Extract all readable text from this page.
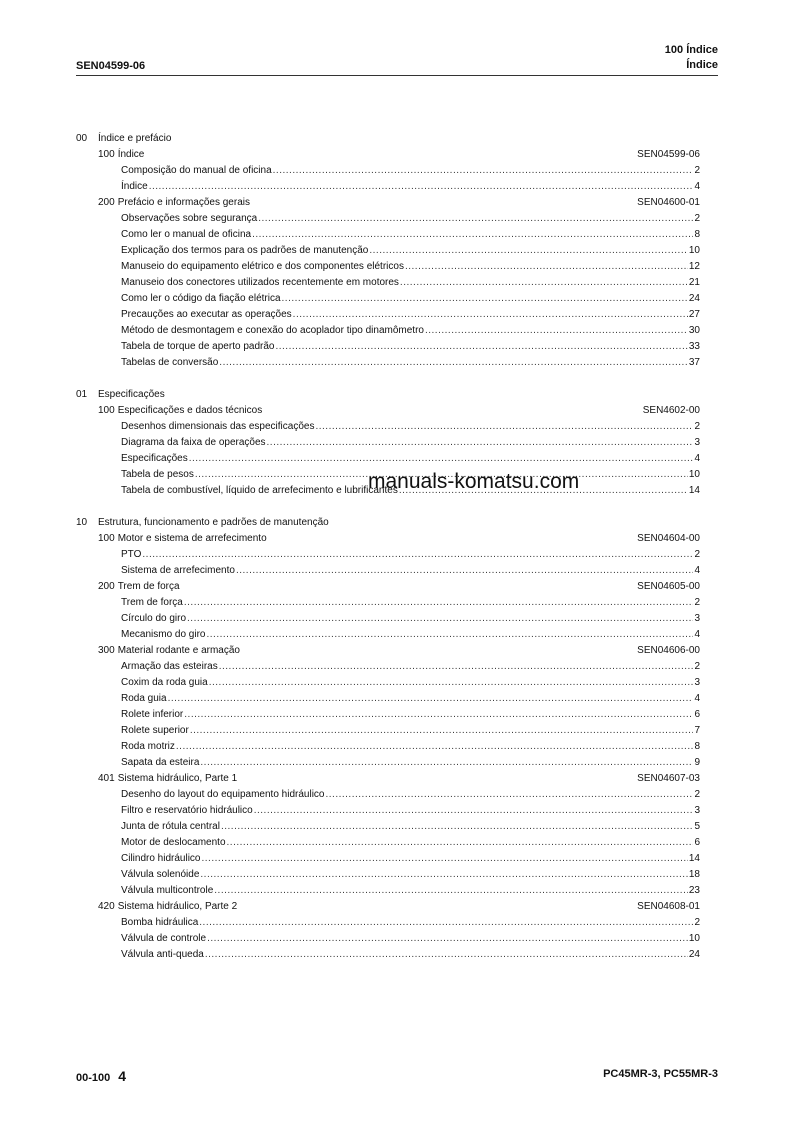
SEN04599-06
100 Índice
Índice
00	Índice e prefácio
100 Índice	SEN04599-06
Composição do manual de oficina .....	2
Índice .....	4
200 Prefácio e informações gerais	SEN04600-01
Observações sobre segurança .....	2
Como ler o manual de oficina .....	8
Explicação dos termos para os padrões de manutenção .....	10
Manuseio do equipamento elétrico e dos componentes elétricos .....	12
Manuseio dos conectores utilizados recentemente em motores .....	21
Como ler o código da fiação elétrica .....	24
Precauções ao executar as operações .....	27
Método de desmontagem e conexão do acoplador tipo dinamômetro .....	30
Tabela de torque de aperto padrão .....	33
Tabelas de conversão .....	37
01	Especificações
100 Especificações e dados técnicos	SEN4602-00
Desenhos dimensionais das especificações .....	2
Diagrama da faixa de operações .....	3
Especificações .....	4
Tabela de pesos .....	10
Tabela de combustível, líquido de arrefecimento e lubrificantes .....	14
10	Estrutura, funcionamento e padrões de manutenção
100 Motor e sistema de arrefecimento	SEN04604-00
PTO .....	2
Sistema de arrefecimento .....	4
200 Trem de força	SEN04605-00
Trem de força .....	2
Círculo do giro .....	3
Mecanismo do giro .....	4
300 Material rodante e armação	SEN04606-00
Armação das esteiras .....	2
Coxim da roda guia .....	3
Roda guia .....	4
Rolete inferior .....	6
Rolete superior .....	7
Roda motriz .....	8
Sapata da esteira .....	9
401 Sistema hidráulico, Parte 1	SEN04607-03
Desenho do layout do equipamento hidráulico .....	2
Filtro e reservatório hidráulico .....	3
Junta de rótula central .....	5
Motor de deslocamento .....	6
Cilindro hidráulico .....	14
Válvula solenóide .....	18
Válvula multicontrole .....	23
420 Sistema hidráulico, Parte 2	SEN04608-01
Bomba hidráulica .....	2
Válvula de controle .....	10
Válvula anti-queda .....	24
manuals-komatsu.com
00-100 4	PC45MR-3, PC55MR-3
